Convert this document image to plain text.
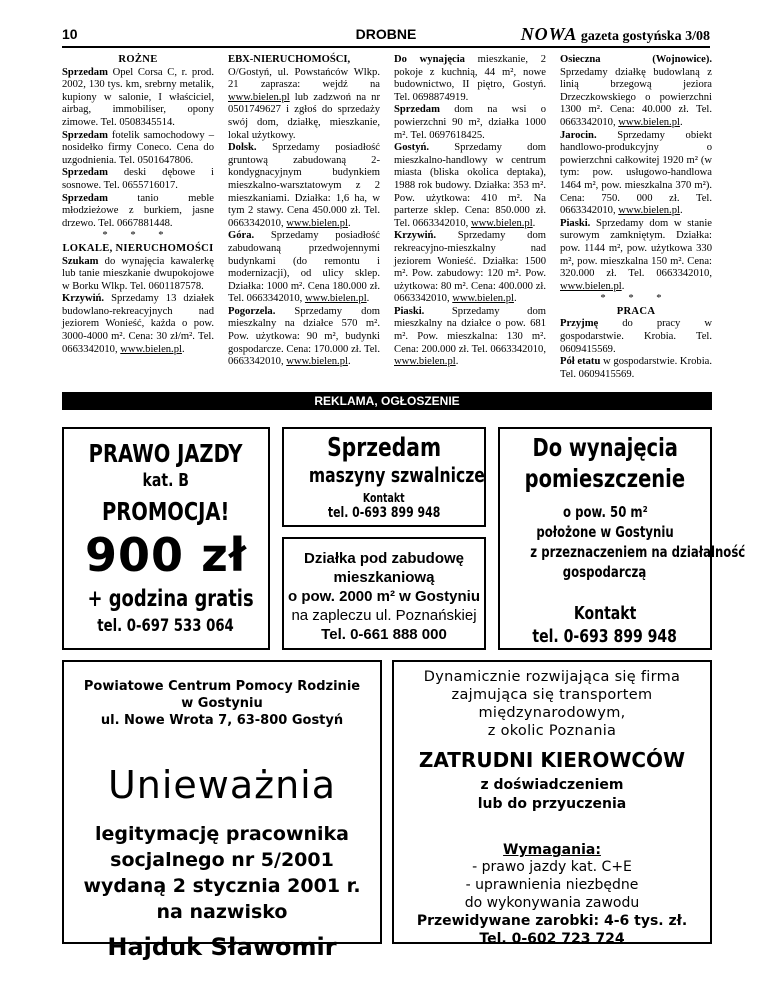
10	DROBNE	NOWA gazeta gostyńska 3/08

ROŻNE

Sprzedam Opel Corsa C, r. prod. 2002, 130 tys. km, srebrny metalik, kupiony w salonie, I właściciel, airbag, immobiliser, opony zimowe. Tel. 0508345514.

Sprzedam fotelik samochodowy – nosidełko firmy Coneco. Cena do uzgodnienia. Tel. 0501647806.

Sprzedam deski dębowe i sosnowe. Tel. 0655716017.

Sprzedam tanio meble młodzieżowe z burkiem, jasne drzewo. Tel. 0667881448.

* * *

LOKALE, NIERUCHOMOŚCI

Szukam do wynajęcia kawalerkę lub tanie mieszkanie dwupokojowe w Borku Wlkp. Tel. 0601187578.

Krzywiń. Sprzedamy 13 działek budowlano-rekreacyjnych nad jeziorem Wonieść, każda o pow. 3000-4000 m². Cena: 30 zł/m². Tel. 0663342010, www.bielen.pl.

EBX-NIERUCHOMOŚCI, O/Gostyń, ul. Powstańców Wlkp. 21 zaprasza: wejdź na www.bielen.pl lub zadzwoń na nr 0501749627 i zgłoś do sprzedaży swój dom, działkę, mieszkanie, lokal użytkowy.

Dolsk. Sprzedamy posiadłość gruntową zabudowaną 2-kondygnacyjnym budynkiem mieszkalno-warsztatowym z 2 mieszkaniami. Działka: 1,6 ha, w tym 2 stawy. Cena 450.000 zł. Tel. 0663342010, www.bielen.pl.

Góra. Sprzedamy posiadłość zabudowaną przedwojennymi budynkami (do remontu i modernizacji), od ulicy sklep. Działka: 1000 m². Cena 180.000 zł. Tel. 0663342010, www.bielen.pl.

Pogorzela. Sprzedamy dom mieszkalny na działce 570 m². Pow. użytkowa: 90 m², budynki gospodarcze. Cena: 170.000 zł. Tel. 0663342010, www.bielen.pl.

Do wynajęcia mieszkanie, 2 pokoje z kuchnią, 44 m², nowe budownictwo, II piętro, Gostyń. Tel. 0698874919.

Sprzedam dom na wsi o powierzchni 90 m², działka 1000 m². Tel. 0697618425.

Gostyń. Sprzedamy dom mieszkalno-handlowy w centrum miasta (bliska okolica deptaka), 1988 rok budowy. Działka: 353 m². Pow. użytkowa: 410 m². Na parterze sklep. Cena: 850.000 zł. Tel. 0663342010, www.bielen.pl.

Krzywiń. Sprzedamy dom rekreacyjno-mieszkalny nad jeziorem Wonieść. Działka: 1500 m². Pow. zabudowy: 120 m². Pow. użytkowa: 80 m². Cena: 400.000 zł. 0663342010, www.bielen.pl.

Piaski. Sprzedamy dom mieszkalny na działce o pow. 681 m². Pow. mieszkalna: 130 m². Cena: 200.000 zł. Tel. 0663342010, www.bielen.pl.

Osieczna (Wojnowice). Sprzedamy działkę budowlaną z linią brzegową jeziora Drzeczkowskiego o powierzchni 1300 m². Cena: 40.000 zł. Tel. 0663342010, www.bielen.pl.

Jarocin. Sprzedamy obiekt handlowo-produkcyjny o powierzchni całkowitej 1920 m² (w tym: pow. usługowo-handlowa 1464 m², pow. mieszkalna 370 m²). Cena: 750. 000 zł. Tel. 0663342010, www.bielen.pl.

Piaski. Sprzedamy dom w stanie surowym zamkniętym. Działka: pow. 1144 m², pow. użytkowa 330 m², pow. mieszkalna 150 m². Cena: 320.000 zł. Tel. 0663342010, www.bielen.pl.

* * *

PRACA

Przyjmę do pracy w gospodarstwie. Krobia. Tel. 0609415569.

Pół etatu w gospodarstwie. Krobia. Tel. 0609415569.

REKLAMA, OGŁOSZENIE
PRAWO JAZDY
kat. B
PROMOCJA!
900 zł
+ godzina gratis
tel. 0-697 533 064
Sprzedam
maszyny szwalnicze
Kontakt
tel. 0-693 899 948
Działka pod zabudowę
mieszkaniową
o pow. 2000 m² w Gostyniu
na zapleczu ul. Poznańskiej
Tel. 0-661 888 000
Do wynajęcia
pomieszczenie
o pow. 50 m²
położone w Gostyniu
z przeznaczeniem na działalność
gospodarczą
Kontakt
tel. 0-693 899 948
Powiatowe Centrum Pomocy Rodzinie
w Gostyniu
ul. Nowe Wrota 7, 63-800 Gostyń
Unieważnia
legitymację pracownika
socjalnego nr 5/2001
wydaną 2 stycznia 2001 r.
na nazwisko
Hajduk Sławomir
Dynamicznie rozwijająca się firma
zajmująca się transportem
międzynarodowym,
z okolic Poznania
ZATRUDNI KIEROWCÓW
z doświadczeniem
lub do przyuczenia
Wymagania:
- prawo jazdy kat. C+E
- uprawnienia niezbędne
do wykonywania zawodu
Przewidywane zarobki: 4-6 tys. zł.
Tel. 0-602 723 724
